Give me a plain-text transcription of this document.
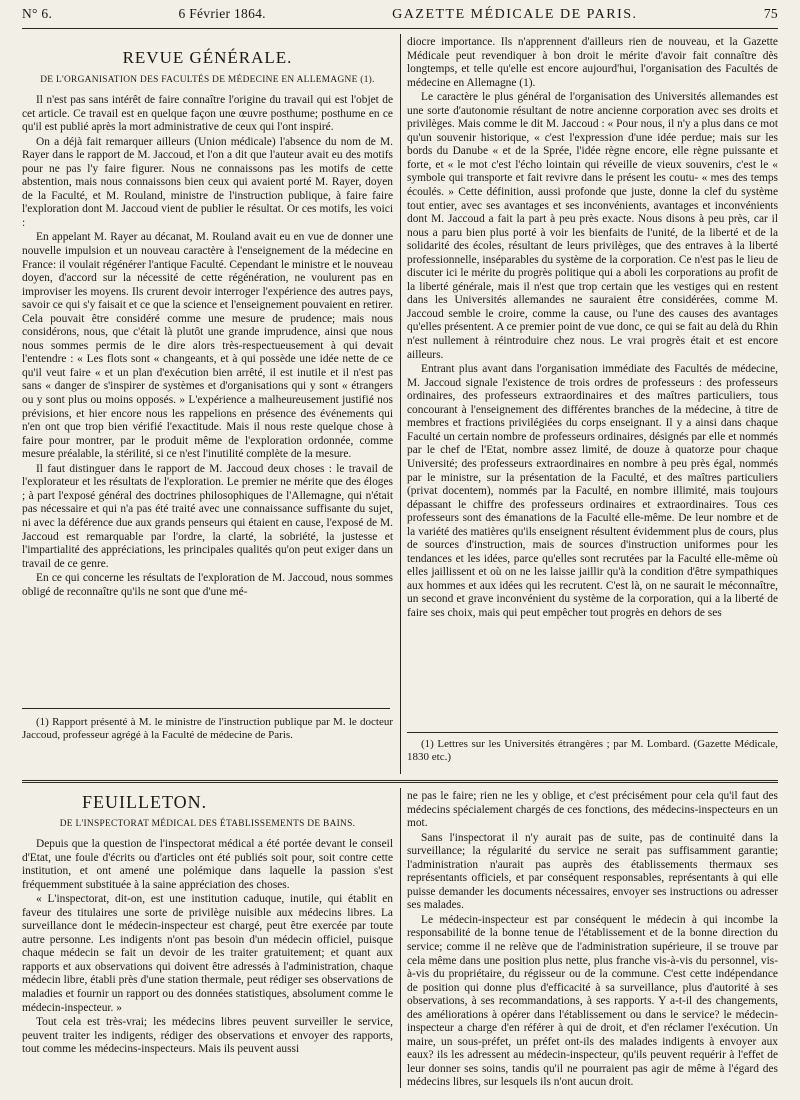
N° 6.	6 Février 1864.	GAZETTE MÉDICALE DE PARIS.	75
REVUE GÉNÉRALE.
DE L'ORGANISATION DES FACULTÉS DE MÉDECINE EN ALLEMAGNE (1).

Il n'est pas sans intérêt de faire connaître l'origine du travail qui est l'objet de cet article. Ce travail est en quelque façon une œuvre posthume; posthume en ce qu'il est publié après la mort administrative de ceux qui l'ont inspiré.

On a déjà fait remarquer ailleurs (Union médicale) l'absence du nom de M. Rayer dans le rapport de M. Jaccoud, et l'on a dit que l'auteur avait eu des motifs pour ne pas l'y faire figurer. Nous ne connaissons pas les motifs de cette abstention, mais nous connaissons bien ceux qui avaient porté M. Rayer, doyen de la Faculté, et M. Rouland, ministre de l'instruction publique, à faire faire l'exploration dont M. Jaccoud vient de publier le résultat. Or ces motifs, les voici :

En appelant M. Rayer au décanat, M. Rouland avait eu en vue de donner une nouvelle impulsion et un nouveau caractère à l'enseignement de la médecine en France: il voulait régénérer l'antique Faculté. Cependant le ministre et le nouveau doyen, d'accord sur la nécessité de cette régénération, ne voulurent pas en improviser les moyens. Ils crurent devoir interroger l'expérience des autres pays, savoir ce qui s'y faisait et ce que la science et l'enseignement pouvaient en retirer. Cela pouvait être considéré comme une mesure de prudence; mais nous considérons, nous, que c'était là plutôt une grande imprudence, ainsi que nous nous sommes permis de le dire alors très-respectueusement à qui devait l'entendre : « Les flots sont « changeants, et à qui possède une idée nette de ce qu'il veut faire « et un plan d'exécution bien arrêté, il est inutile et il n'est pas sans « danger de s'inspirer de systèmes et d'organisations qui y sont « étrangers ou y sont plus ou moins opposés. » L'expérience a malheureusement justifié nos prévisions, et hier encore nous les rappelions en présence des événements qui n'en ont que trop bien vérifié l'exactitude. Mais il nous reste quelque chose à faire pour montrer, par le produit même de l'exploration ordonnée, comme mesure préalable, la stérilité, si ce n'est l'inutilité complète de la mesure.

Il faut distinguer dans le rapport de M. Jaccoud deux choses : le travail de l'explorateur et les résultats de l'exploration. Le premier ne mérite que des éloges ; à part l'exposé général des doctrines philosophiques de l'Allemagne, qui n'était pas nécessaire et qui n'a pas été traité avec une connaissance suffisante du sujet, ni avec la déférence due aux grands penseurs qui étaient en cause, l'exposé de M. Jaccoud est remarquable par l'ordre, la clarté, la sobriété, la justesse et l'impartialité des appréciations, les principales qualités qu'on peut exiger dans un travail de ce genre.

En ce qui concerne les résultats de l'exploration de M. Jaccoud, nous sommes obligé de reconnaître qu'ils ne sont que d'une mé-

(1) Rapport présenté à M. le ministre de l'instruction publique par M. le docteur Jaccoud, professeur agrégé à la Faculté de médecine de Paris.

diocre importance. Ils n'apprennent d'ailleurs rien de nouveau, et la Gazette Médicale peut revendiquer à bon droit le mérite d'avoir fait connaître dès longtemps, et telle qu'elle est encore aujourd'hui, l'organisation des Facultés de médecine en Allemagne (1).

Le caractère le plus général de l'organisation des Universités allemandes est une sorte d'autonomie résultant de notre ancienne corporation avec ses droits et privilèges. Mais comme le dit M. Jaccoud : « Pour nous, il n'y a plus dans ce mot qu'un souvenir historique, « c'est l'expression d'une idée perdue; mais sur les bords du Danube « et de la Sprée, l'idée règne encore, elle règne puissante et forte, et « le mot c'est l'écho lointain qui réveille de vieux souvenirs, c'est le « symbole qui transporte et fait revivre dans le présent les coutu- « mes des temps écoulés. » Cette définition, aussi profonde que juste, donne la clef du système tout entier, avec ses avantages et ses inconvénients, avantages et inconvénients dont M. Jaccoud a fait la part à peu près exacte. Nous disons à peu près, car il nous a paru bien plus porté à voir les bienfaits de l'unité, de la liberté et de la solidarité des écoles, résultant de leurs privilèges, que des entraves à la liberté professionnelle, inséparables du système de la corporation. Ce n'est pas le lieu de discuter ici le mérite du progrès politique qui a aboli les corporations au profit de la liberté générale, mais il n'est que trop certain que les vestiges qui en restent dans les Universités allemandes ne sauraient être considérées, comme M. Jaccoud semble le croire, comme la cause, ou l'une des causes des avantages qu'elles présentent. A ce premier point de vue donc, ce qui se fait au delà du Rhin n'est nullement à réintroduire chez nous. Le vrai progrès était et est encore ailleurs.

Entrant plus avant dans l'organisation immédiate des Facultés de médecine, M. Jaccoud signale l'existence de trois ordres de professeurs : des professeurs ordinaires, des professeurs extraordinaires et des maîtres particuliers, tous concourant à l'enseignement des différentes branches de la médecine, à titre de membres et fractions privilégiées du corps enseignant. Il y a ainsi dans chaque Faculté un certain nombre de professeurs ordinaires, désignés par elle et nommés par le chef de l'Etat, nombre assez limité, de douze à quatorze pour chaque Université; des professeurs extraordinaires en nombre à peu près égal, nommés par le ministre, sur la présentation de la Faculté, et des maîtres particuliers (privat docentem), nommés par la Faculté, en nombre illimité, mais toujours dépassant le chiffre des professeurs ordinaires et extraordinaires. Tous ces professeurs sont des émanations de la Faculté elle-même. De leur nombre et de la variété des matières qu'ils enseignent résultent évidemment plus de cours, plus de sources d'instruction, mais de sources d'instruction uniformes pour les tendances et les idées, parce qu'elles sont recrutées par la Faculté elle-même où elles jaillissent et où on ne les laisse jaillir qu'à la condition d'être sympathiques aux hommes et aux idées qui les recrutent. C'est là, on ne saurait le méconnaître, un second et grave inconvénient du système de la corporation, qui a la liberté de faire ses choix, mais qui peut empêcher tout progrès en dehors de ses

(1) Lettres sur les Universités étrangères ; par M. Lombard. (Gazette Médicale, 1830 etc.)
FEUILLETON.
DE L'INSPECTORAT MÉDICAL DES ÉTABLISSEMENTS DE BAINS.

Depuis que la question de l'inspectorat médical a été portée devant le conseil d'Etat, une foule d'écrits ou d'articles ont été publiés soit pour, soit contre cette institution, et ont amené une polémique dans laquelle la passion s'est fréquemment substituée à la saine appréciation des choses.

« L'inspectorat, dit-on, est une institution caduque, inutile, qui établit en faveur des titulaires une sorte de privilège nuisible aux médecins libres. La surveillance dont le médecin-inspecteur est chargé, peut être exercée par toute autre personne. Les indigents n'ont pas besoin d'un médecin officiel, puisque chaque médecin se fait un devoir de les traiter gratuitement; et quant aux rapports et aux observations qui doivent être adressés à l'administration, chaque médecin libre, établi près d'une station thermale, peut rédiger ses observations de maladies et fournir un rapport ou des données statistiques, absolument comme le médecin-inspecteur. »

Tout cela est très-vrai; les médecins libres peuvent surveiller le service, peuvent traiter les indigents, rédiger des observations et envoyer des rapports, tout comme les médecins-inspecteurs. Mais ils peuvent aussi

ne pas le faire; rien ne les y oblige, et c'est précisément pour cela qu'il faut des médecins spécialement chargés de ces fonctions, des médecins-inspecteurs en un mot.

Sans l'inspectorat il n'y aurait pas de suite, pas de continuité dans la surveillance; la régularité du service ne serait pas suffisamment garantie; l'administration n'aurait pas auprès des établissements thermaux ses représentants officiels, et par conséquent responsables, représentants à qui elle puisse demander les documents nécessaires, envoyer ses instructions ou adresser ses malades.

Le médecin-inspecteur est par conséquent le médecin à qui incombe la responsabilité de la bonne tenue de l'établissement et de la bonne direction du service; comme il ne relève que de l'administration supérieure, il se trouve par cela même dans une position plus nette, plus franche vis-à-vis du personnel, vis-à-vis du propriétaire, du régisseur ou de la commune. C'est cette indépendance de position qui donne plus d'efficacité à sa surveillance, plus d'autorité à ses observations, à ses recommandations, à ses rapports. Y a-t-il des changements, des améliorations à opérer dans l'établissement ou dans le service? le médecin-inspecteur a charge d'en référer à qui de droit, et d'en réclamer l'exécution. Un maire, un sous-préfet, un préfet ont-ils des malades indigents à envoyer aux eaux? ils les adressent au médecin-inspecteur, qu'ils peuvent requérir à l'effet de leur donner ses soins, tandis qu'il ne pourraient pas agir de même à l'égard des médecins libres, sur lesquels ils n'ont aucun droit.
